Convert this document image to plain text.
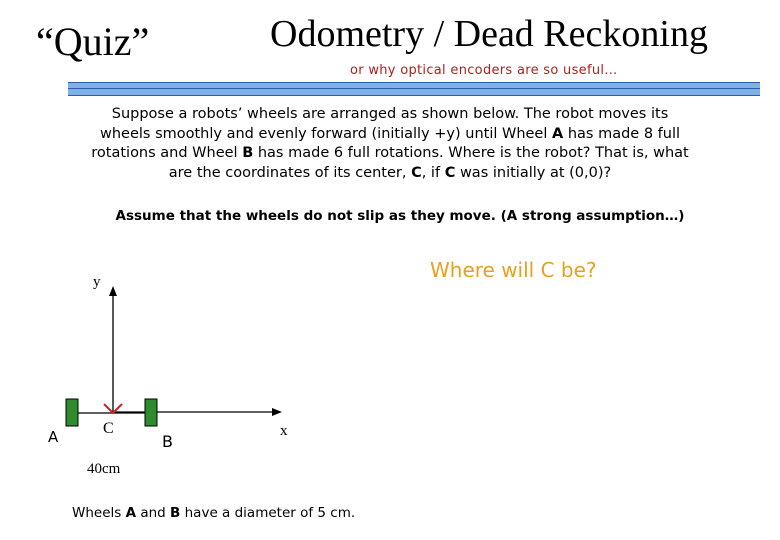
“Quiz”	Odometry / Dead Reckoning
or why optical encoders are so useful…
Suppose a robots’ wheels are arranged as shown below. The robot moves its wheels smoothly and evenly forward (initially +y) until Wheel A has made 8 full rotations and Wheel B has made 6 full rotations. Where is the robot? That is, what are the coordinates of its center, C, if C was initially at (0,0)?
Assume that the wheels do not slip as they move. (A strong assumption…)
Where will C be?
y
x
A	C
B
40cm
Wheels A and B have a diameter of 5 cm.
